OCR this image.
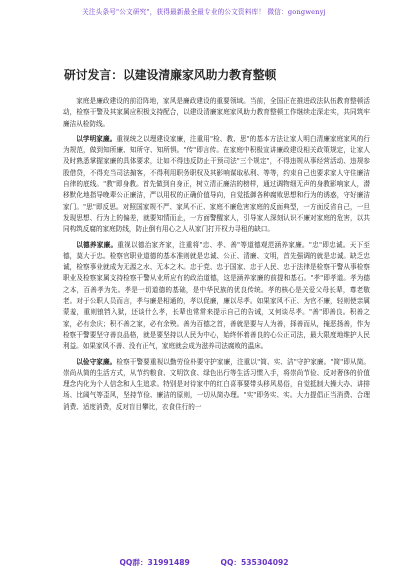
关注头条号"公文研究"，获得最新最全最专业的公文资料库！ 微信：gongwenyj
研讨发言：以建设清廉家风助力教育整顿

家庭是廉政建设的前沿阵地，家风是廉政建设的重要领域。当前，全国正在推进政法队伍教育整顿活动，检察干警及其家属应积极支持配合，以建设清廉家庭家风助力教育整顿工作继续走深走实，共同筑牢廉洁从检防线。

以学明家廉。重视统之以理建设家廉，注重用"检、教、思"的基本方法让家人明白清廉家庭家风的行为规范，做到知所廉、知所守、知所惧。"传"即言传。在家庭中积极宣讲廉政建设相关政策规定，让家人及时熟悉掌握家廉的具体要求，让如不得违反防止干预司法"三个规定"，不得违规从事经营活动、违规参股借贷，不得充当司法掮客，不得利用职务职权及其影响谋取私利、等等，约束自己也要求家人守住廉洁自律的底线。"教"即身教。首先做到自身正，树立清正廉洁的榜样，通过调物细无声的身教影响家人，潜移默化地指导晚辈公正廉洁，严以用权的正确价值导向，自觉抵御各种腐败思想和行为的诱惑，守好廉洁家门。"思"即反思。对照国家规不严、家风不正、家庭不廉危害家庭的反面典型，一方面反省自己，一旦发现思想、行为上的偏差，就要知情而止，一方面警醒家人，引导家人深刻认识不廉对家庭的危害，以共同构筑反腐的家庭防线，防止倒有用心之人从家门打开权力寻租的缺口。

以德养家廉。重视以德治家齐家，注重将"忠、孝、善"等道德观范涵养家廉。"忠"即忠诚。天下至德，莫大于忠。检察官职业道德的基本准则就是忠诚、公正、清廉、文明，首先强调的就是忠诚。缺乏忠诚，检察事业就成为无源之水、无本之木。忠于党、忠于国家、忠于人民、忠于法律是检察干警从事检察职业及检察家属支持检察干警从业所应有的政治道德，这是涵养家廉的前提和基石。"孝"即孝道。孝为德之本，百善孝为先。孝是一切道德的基础，是中华民族的优良传统。孝的核心是关爱父母长辈，尊老敬老。对于公职人员而言，孝与廉是相通的，孝以促廉，廉以尽孝。如果家风不正、为官不廉，轻则使亲属蒙羞，重则锒铛入狱，还谈什么孝，长辈也常常来提示自己的告诫，又何谈尽孝。"善"即善良。积善之家，必有余庆；积不善之家，必有余殃。善为百德之首，善就是要与人为善，择善而从，掩恶扬善，作为检察干警要坚守善良品格，就是要坚持以人民为中心，始终怀着善良的心公正司法，最大限度地维护人民利益。如果家风不善、没有正气，家庭就会成为滋养司法腐败的温床。

以俭守家廉。检察干警要重视以勤劳俭朴要守护家廉，注重以"简、实、洁"守护家廉。"简"即从简。崇尚从简的生活方式，从节约粮食、文明饮食、绿色出行等生活习惯入手，将崇尚节俭、反对奢侈的价值理念内化为个人信念和人生追求。特别是对待家中的红白喜事要带头移风易俗，自觉抵制大操大办、讲排场、比阔气等歪风，坚持节俭、廉洁的原则，一切从简办理。"实"即务实、实。大力提倡正当消费、合理消费、适度消费，反对盲目攀比，衣食住行的一

QQ群：31991489	QQ：535304092
